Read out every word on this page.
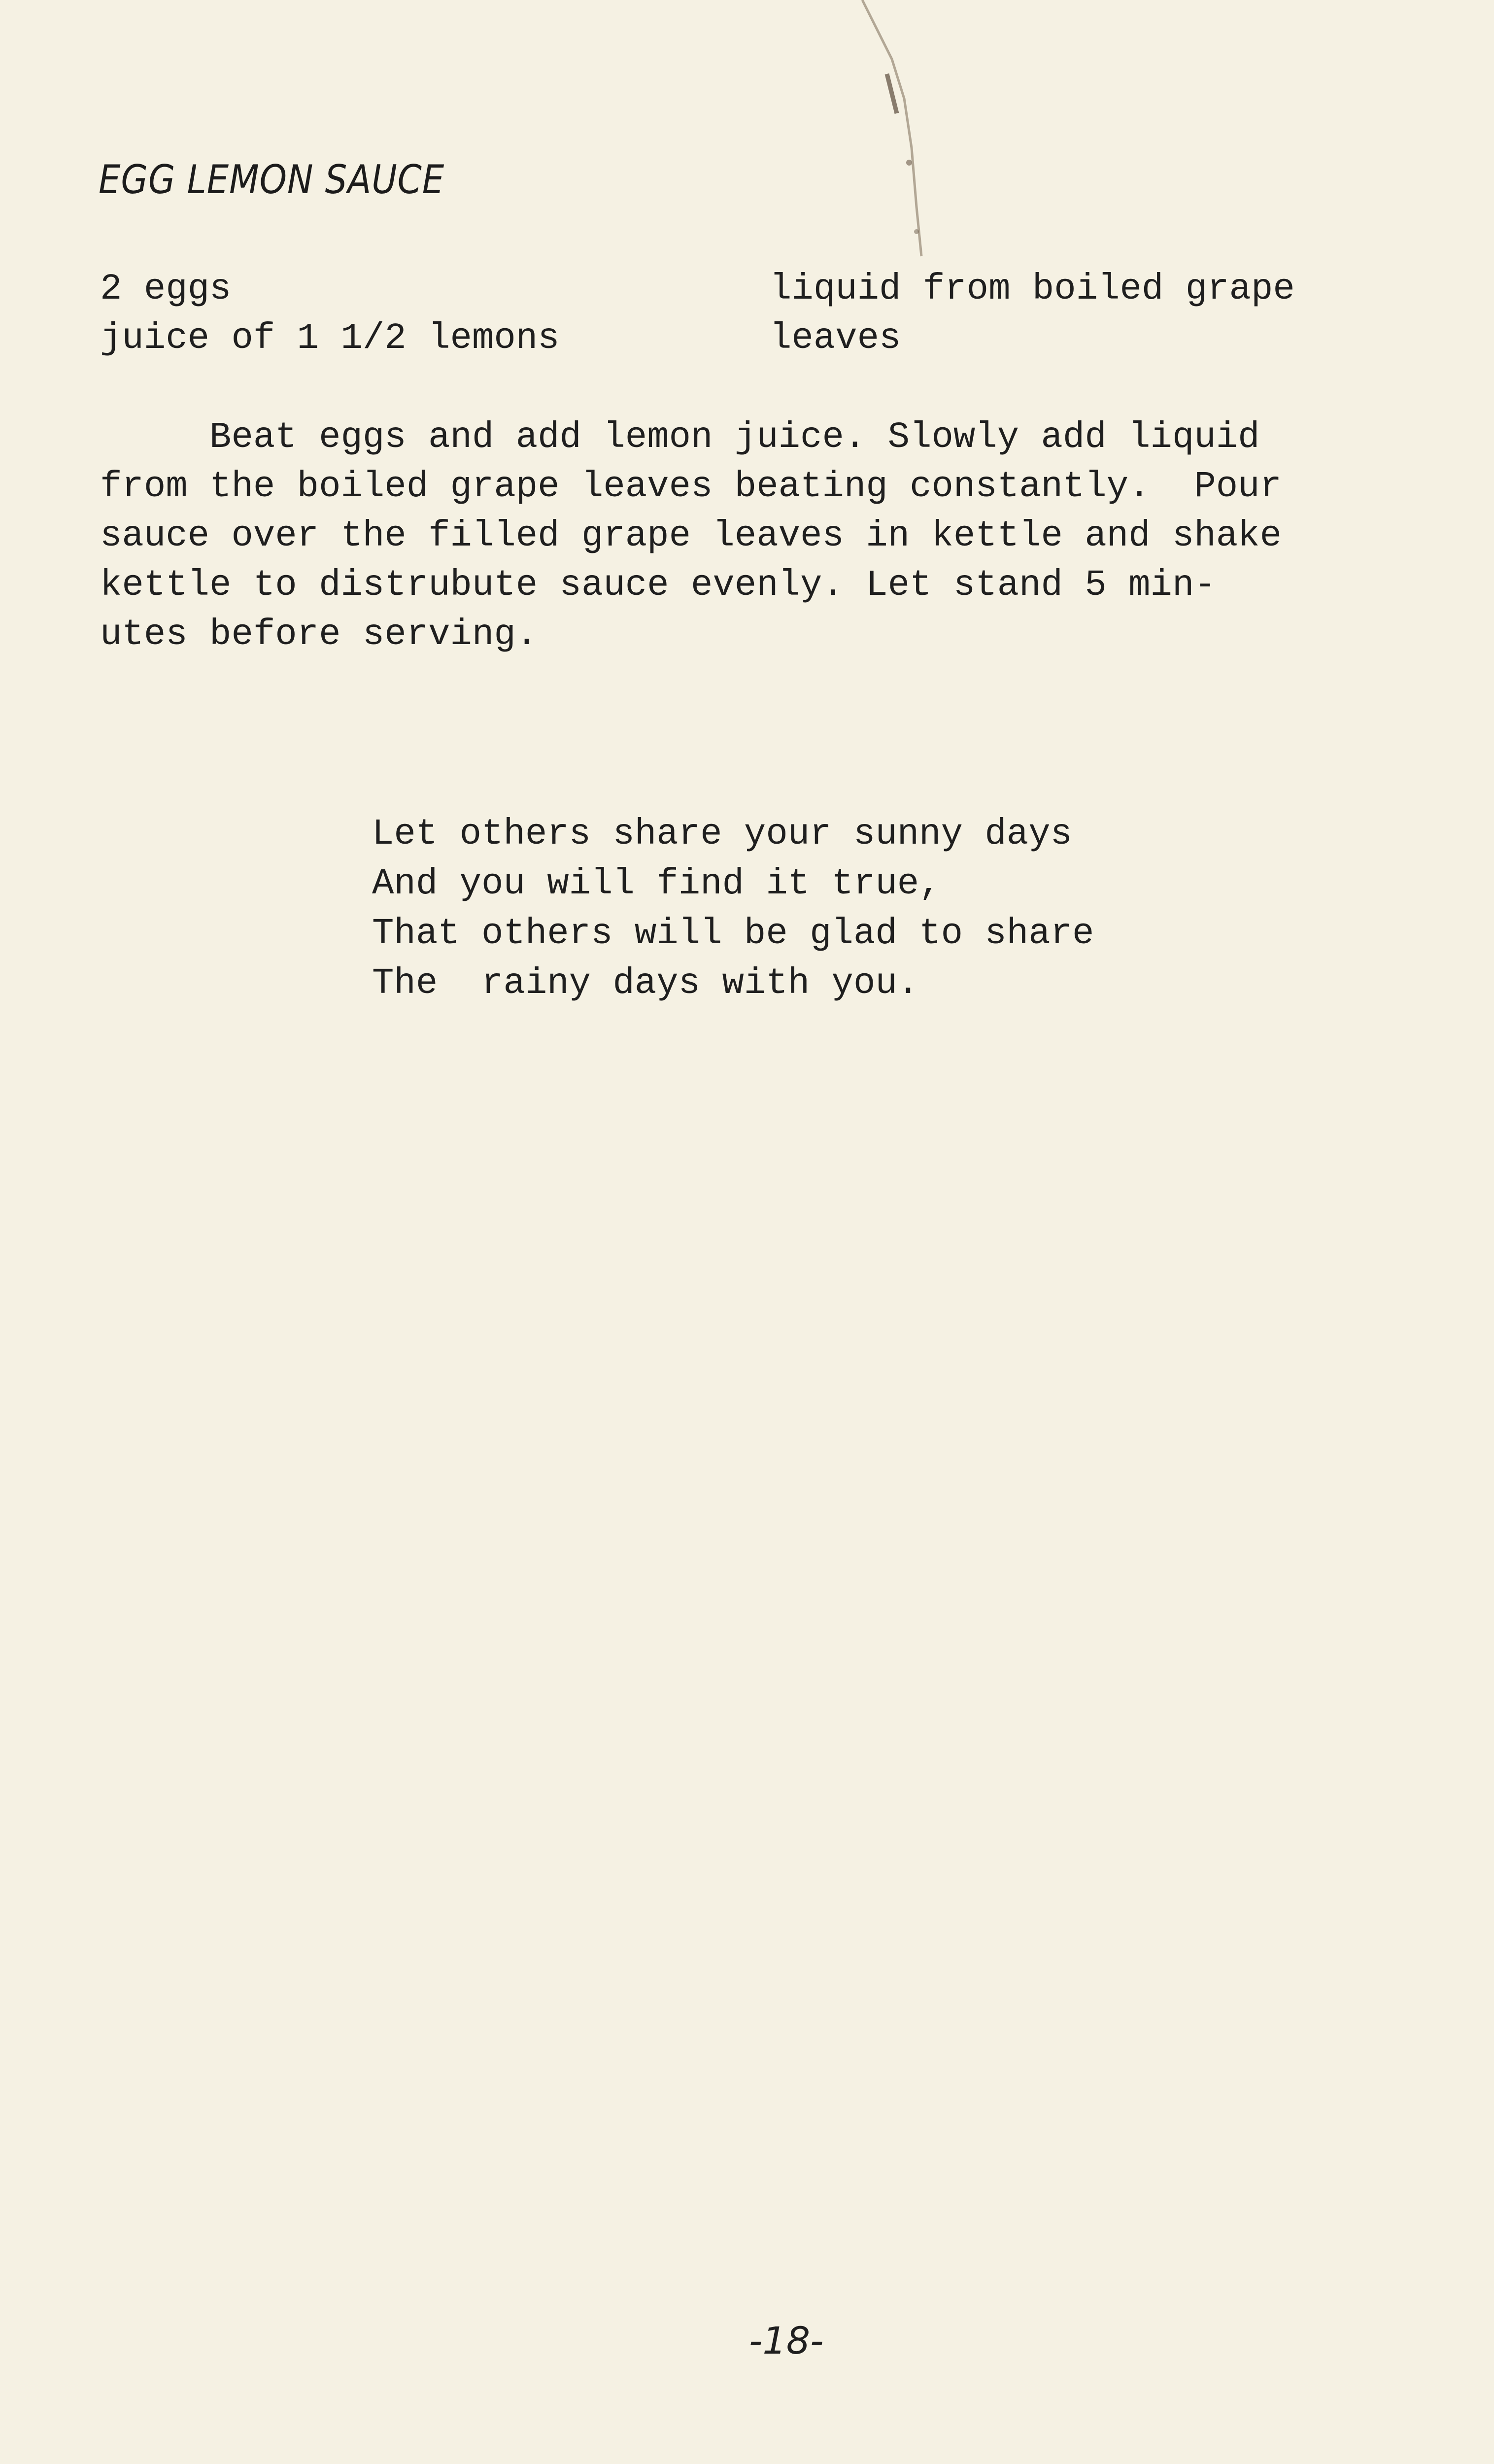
EGG LEMON SAUCE
2 eggs	liquid from boiled grape
juice of 1 1/2 lemons	leaves
Beat eggs and add lemon juice. Slowly add liquid
from the boiled grape leaves beating constantly.  Pour
sauce over the filled grape leaves in kettle and shake
kettle to distrubute sauce evenly. Let stand 5 min-
utes before serving.
Let others share your sunny days
And you will find it true,
That others will be glad to share
The  rainy days with you.
-18-
